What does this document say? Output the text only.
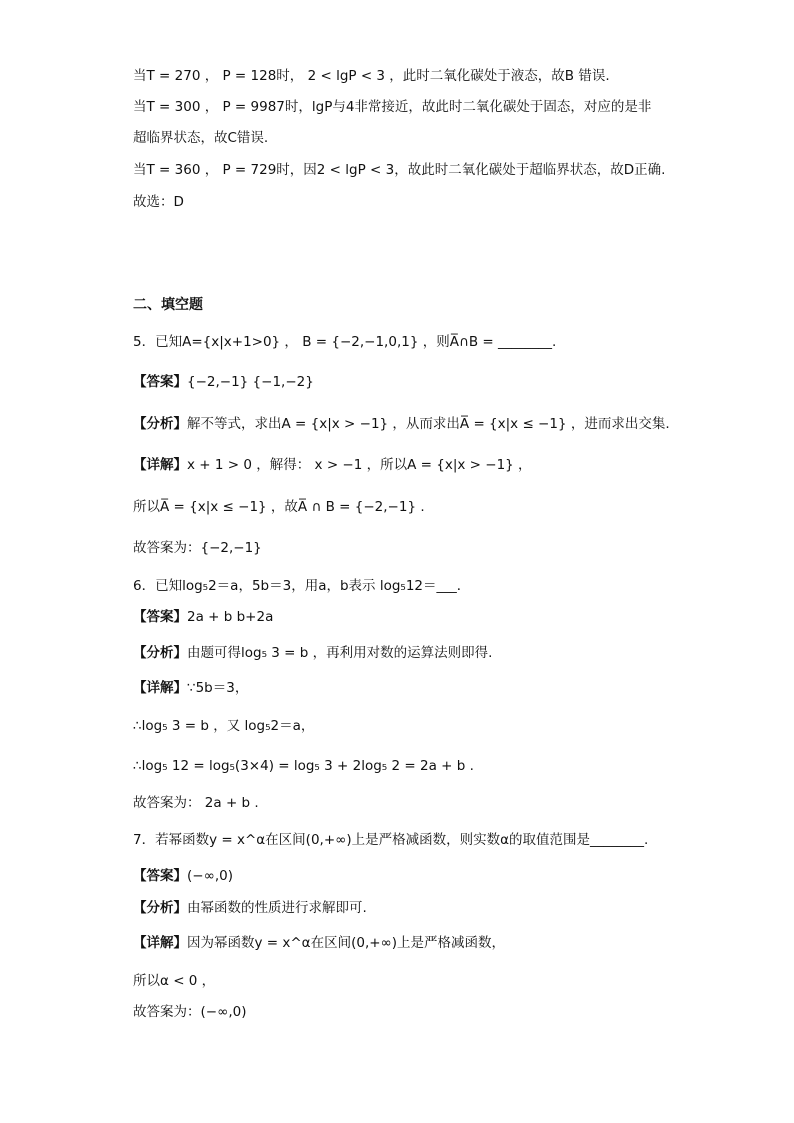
当T = 270 ， P = 128时， 2 < lgP < 3 ，此时二氧化碳处于液态，故B 错误.
当T = 300 ， P = 9987时，lgP与4非常接近，故此时二氧化碳处于固态，对应的是非
超临界状态，故C错误.
当T = 360 ， P = 729时，因2 < lgP < 3，故此时二氧化碳处于超临界状态，故D正确.
故选：D
二、填空题
5．已知A={x|x+1>0} ， B = {−2,−1,0,1} ，则A̅∩B = ________.
【答案】{−2,−1} {−1,−2}
【分析】解不等式，求出A = {x|x > −1} ，从而求出A̅ = {x|x ≤ −1} ，进而求出交集.
【详解】x + 1 > 0 ，解得： x > −1 ，所以A = {x|x > −1} ，
所以A̅ = {x|x ≤ −1} ，故A̅ ∩ B = {−2,−1} .
故答案为：{−2,−1}
6．已知log₅2＝a，5b＝3，用a，b表示 log₅12＝___．
【答案】2a + b b+2a
【分析】由题可得log₅ 3 = b ，再利用对数的运算法则即得.
【详解】∵5b＝3，
∴log₅ 3 = b ，又 log₅2＝a，
∴log₅ 12 = log₅(3×4) = log₅ 3 + 2log₅ 2 = 2a + b .
故答案为： 2a + b .
7．若幂函数y = x^α在区间(0,+∞)上是严格减函数，则实数α的取值范围是________.
【答案】(−∞,0)
【分析】由幂函数的性质进行求解即可.
【详解】因为幂函数y = x^α在区间(0,+∞)上是严格减函数，
所以α < 0 ，
故答案为：(−∞,0)
